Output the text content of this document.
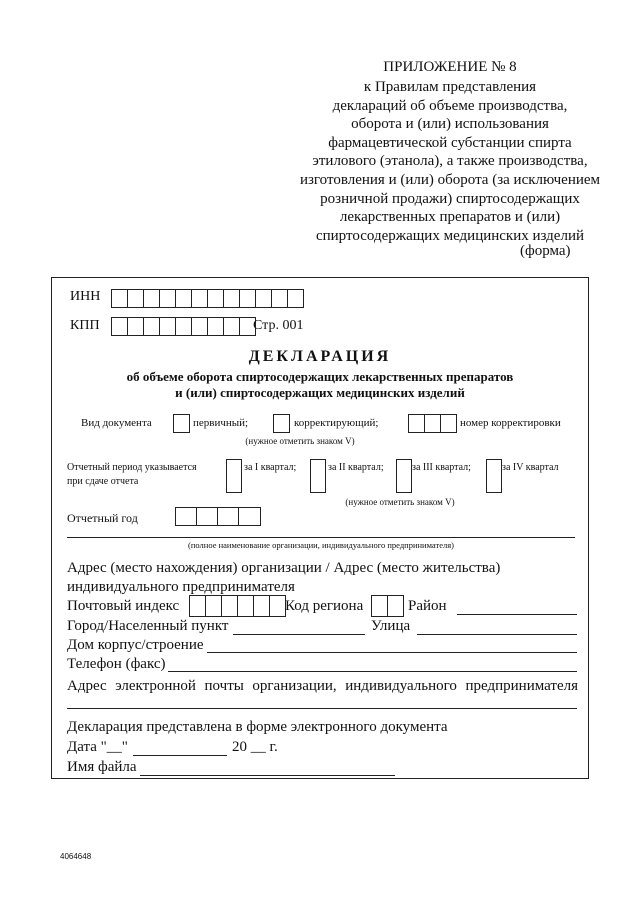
ПРИЛОЖЕНИЕ № 8
к Правилам представления
деклараций об объеме производства,
оборота и (или) использования
фармацевтической субстанции спирта
этилового (этанола), а также производства,
изготовления и (или) оборота (за исключением
розничной продажи) спиртосодержащих
лекарственных препаратов и (или)
спиртосодержащих медицинских изделий
(форма)
ИНН
КПП	Стр. 001
ДЕКЛАРАЦИЯ
об объеме оборота спиртосодержащих лекарственных препаратов
и (или) спиртосодержащих медицинских изделий
Вид документа	первичный;	корректирующий;	номер корректировки
(нужное отметить знаком V)
Отчетный период указывается
при сдаче отчета
за I квартал;	за II квартал;	за III квартал;	за IV квартал
(нужное отметить знаком V)
Отчетный год
(полное наименование организации, индивидуального предпринимателя)
Адрес (место нахождения) организации / Адрес (место жительства)
индивидуального предпринимателя
Почтовый индекс	Код региона	Район
Город/Населенный пункт	Улица
Дом корпус/строение
Телефон (факс)
Адрес электронной почты организации, индивидуального предпринимателя
Декларация представлена в форме электронного документа
Дата "__"	20 __ г.
Имя файла
4064648
